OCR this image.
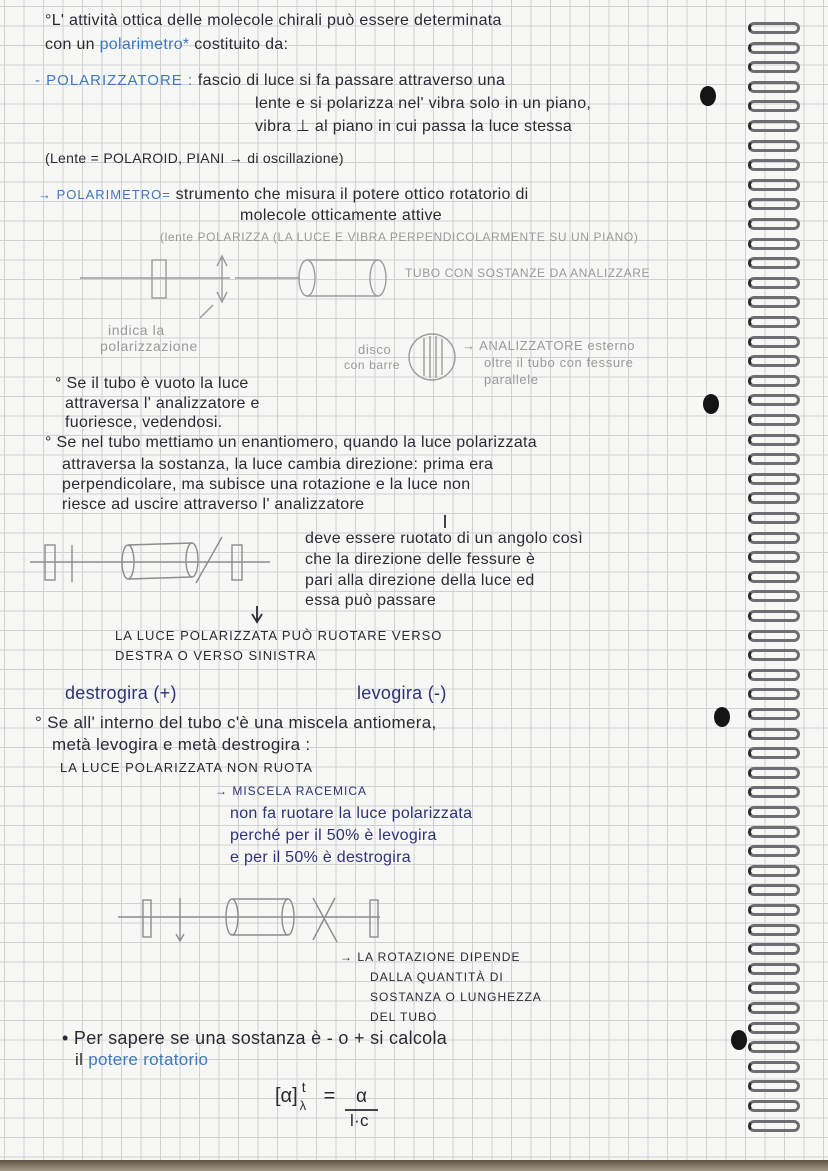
°L' attività ottica delle molecole chirali può essere determinata
con un polarimetro* costituito da:
- POLARIZZATORE : fascio di luce si fa passare attraverso una
lente e si polarizza nel' vibra solo in un piano,
vibra ⊥ al piano in cui passa la luce stessa
(Lente = POLAROID, PIANI → di oscillazione)
→ POLARIMETRO= strumento che misura il potere ottico rotatorio di
molecole otticamente attive
(lente POLARIZZA (LA LUCE E VIBRA PERPENDICOLARMENTE SU UN PIANO)
TUBO CON SOSTANZE DA ANALIZZARE
indica la
polarizzazione	disco
con barre
→ ANALIZZATORE esterno
oltre il tubo con fessure
parallele
° Se il tubo è vuoto la luce
attraversa l' analizzatore e
fuoriesce, vedendosi.
° Se nel tubo mettiamo un enantiomero, quando la luce polarizzata
attraversa la sostanza, la luce cambia direzione: prima era
perpendicolare, ma subisce una rotazione e la luce non
riesce ad uscire attraverso l' analizzatore
deve essere ruotato di un angolo così
che la direzione delle fessure è
pari alla direzione della luce ed
essa può passare
LA LUCE POLARIZZATA PUÒ RUOTARE VERSO
DESTRA O VERSO SINISTRA
destrogira (+)	levogira (-)
° Se all' interno del tubo c'è una miscela antiomera,
metà levogira e metà destrogira :
LA LUCE POLARIZZATA NON RUOTA
→ MISCELA RACEMICA
non fa ruotare la luce polarizzata
perché per il 50% è levogira
e per il 50% è destrogira
→ LA ROTAZIONE DIPENDE
DALLA QUANTITÀ DI
SOSTANZA O LUNGHEZZA
DEL TUBO
• Per sapere se una sostanza è - o + si calcola
il potere rotatorio
[α] $^t_\lambda$ = α
l·c
